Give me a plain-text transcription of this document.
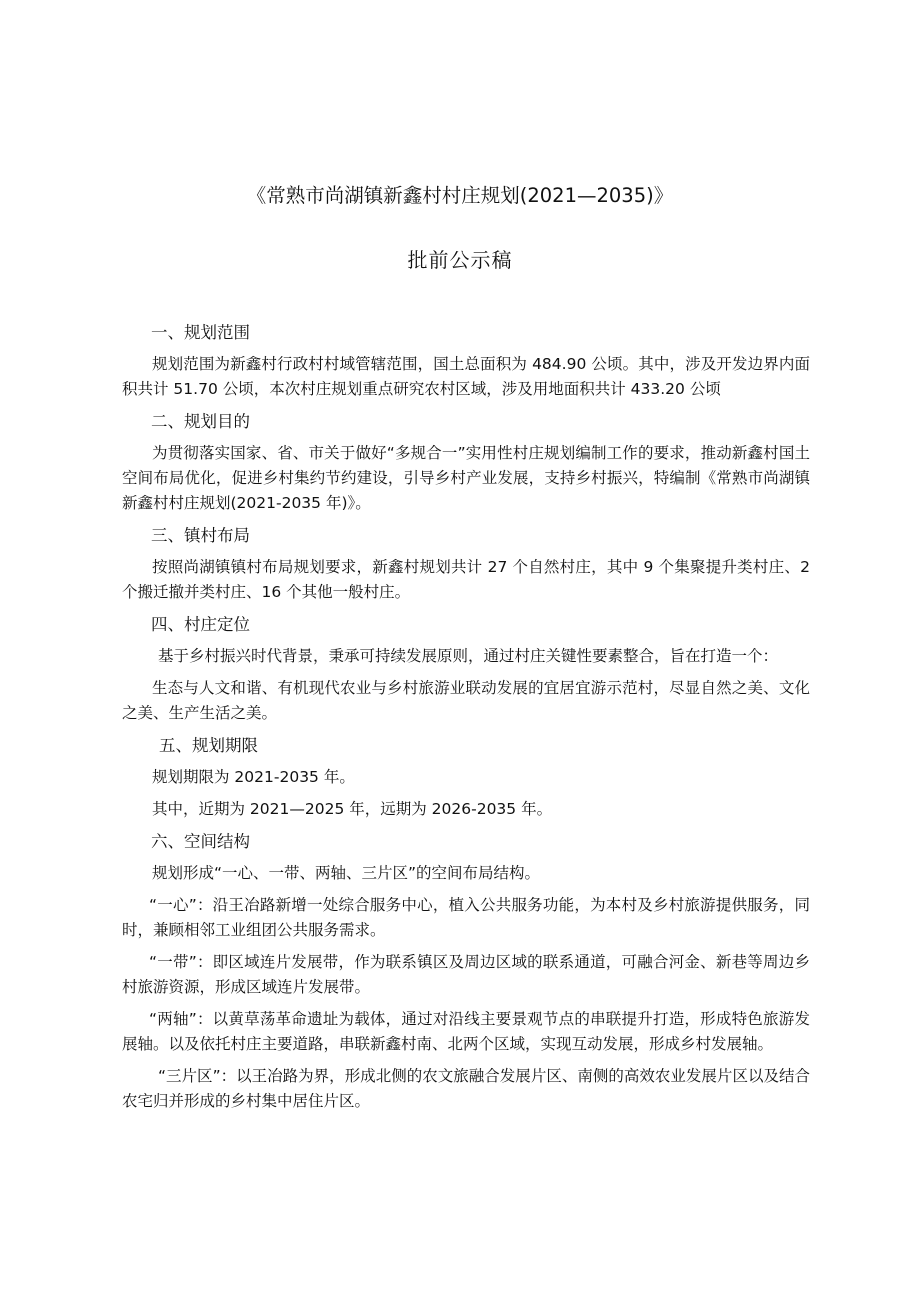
《常熟市尚湖镇新鑫村村庄规划(2021—2035)》
批前公示稿
一、规划范围

规划范围为新鑫村行政村村域管辖范围，国土总面积为 484.90 公顷。其中，涉及开发边界内面积共计 51.70 公顷，本次村庄规划重点研究农村区域，涉及用地面积共计 433.20 公顷

二、规划目的

为贯彻落实国家、省、市关于做好“多规合一”实用性村庄规划编制工作的要求，推动新鑫村国土空间布局优化，促进乡村集约节约建设，引导乡村产业发展，支持乡村振兴，特编制《常熟市尚湖镇新鑫村村庄规划(2021-2035 年)》。

三、镇村布局

按照尚湖镇镇村布局规划要求，新鑫村规划共计 27 个自然村庄，其中 9 个集聚提升类村庄、2 个搬迁撤并类村庄、16 个其他一般村庄。

四、村庄定位

基于乡村振兴时代背景，秉承可持续发展原则，通过村庄关键性要素整合，旨在打造一个：

生态与人文和谐、有机现代农业与乡村旅游业联动发展的宜居宜游示范村，尽显自然之美、文化之美、生产生活之美。

五、规划期限

规划期限为 2021-2035 年。

其中，近期为 2021—2025 年，远期为 2026-2035 年。

六、空间结构

规划形成“一心、一带、两轴、三片区”的空间布局结构。

“一心”：沿王冶路新增一处综合服务中心，植入公共服务功能，为本村及乡村旅游提供服务，同时，兼顾相邻工业组团公共服务需求。

“一带”：即区域连片发展带，作为联系镇区及周边区域的联系通道，可融合河金、新巷等周边乡村旅游资源，形成区域连片发展带。

“两轴”：以黄草荡革命遗址为载体，通过对沿线主要景观节点的串联提升打造，形成特色旅游发展轴。以及依托村庄主要道路，串联新鑫村南、北两个区域，实现互动发展，形成乡村发展轴。

“三片区”：以王冶路为界，形成北侧的农文旅融合发展片区、南侧的高效农业发展片区以及结合农宅归并形成的乡村集中居住片区。
